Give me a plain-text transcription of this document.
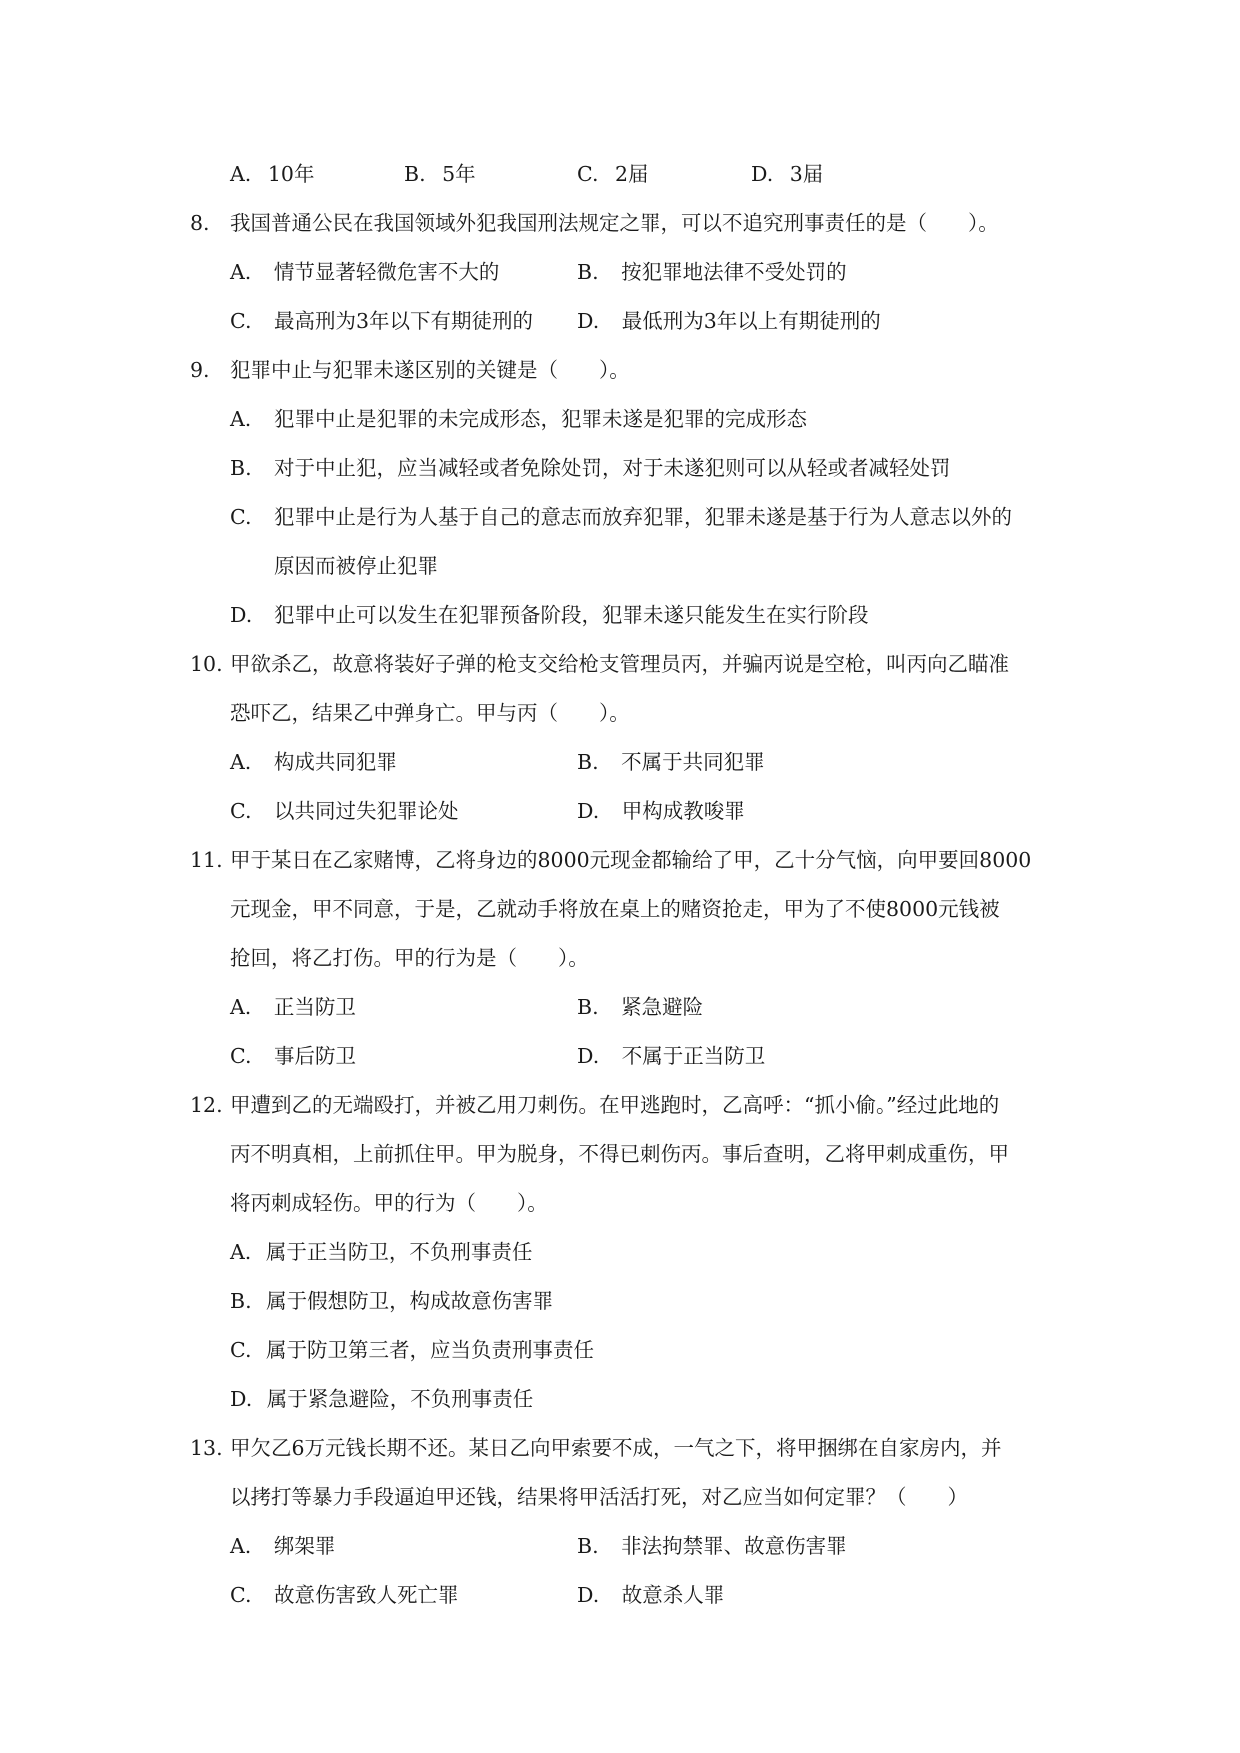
A. 10年	B. 5年	C. 2届	D. 3届
8. 我国普通公民在我国领域外犯我国刑法规定之罪，可以不追究刑事责任的是（　　）。
A. 情节显著轻微危害不大的	B. 按犯罪地法律不受处罚的
C. 最高刑为3年以下有期徒刑的 D. 最低刑为3年以上有期徒刑的
9. 犯罪中止与犯罪未遂区别的关键是（　　）。
A. 犯罪中止是犯罪的未完成形态，犯罪未遂是犯罪的完成形态
B. 对于中止犯，应当减轻或者免除处罚，对于未遂犯则可以从轻或者减轻处罚
C. 犯罪中止是行为人基于自己的意志而放弃犯罪，犯罪未遂是基于行为人意志以外的
原因而被停止犯罪
D. 犯罪中止可以发生在犯罪预备阶段，犯罪未遂只能发生在实行阶段
10. 甲欲杀乙，故意将装好子弹的枪支交给枪支管理员丙，并骗丙说是空枪，叫丙向乙瞄准
恐吓乙，结果乙中弹身亡。甲与丙（　　）。
A. 构成共同犯罪	B. 不属于共同犯罪
C. 以共同过失犯罪论处	D. 甲构成教唆罪
11. 甲于某日在乙家赌博，乙将身边的8000元现金都输给了甲，乙十分气恼，向甲要回8000
元现金，甲不同意，于是，乙就动手将放在桌上的赌资抢走，甲为了不使8000元钱被
抢回，将乙打伤。甲的行为是（　　）。
A. 正当防卫	B. 紧急避险
C. 事后防卫	D. 不属于正当防卫
12. 甲遭到乙的无端殴打，并被乙用刀刺伤。在甲逃跑时，乙高呼：“抓小偷。”经过此地的
丙不明真相，上前抓住甲。甲为脱身，不得已刺伤丙。事后查明，乙将甲刺成重伤，甲
将丙刺成轻伤。甲的行为（　　）。
A. 属于正当防卫，不负刑事责任
B. 属于假想防卫，构成故意伤害罪
C. 属于防卫第三者，应当负责刑事责任
D. 属于紧急避险，不负刑事责任
13. 甲欠乙6万元钱长期不还。某日乙向甲索要不成，一气之下，将甲捆绑在自家房内，并
以拷打等暴力手段逼迫甲还钱，结果将甲活活打死，对乙应当如何定罪？（　　）
A. 绑架罪	B. 非法拘禁罪、故意伤害罪
C. 故意伤害致人死亡罪	D. 故意杀人罪
